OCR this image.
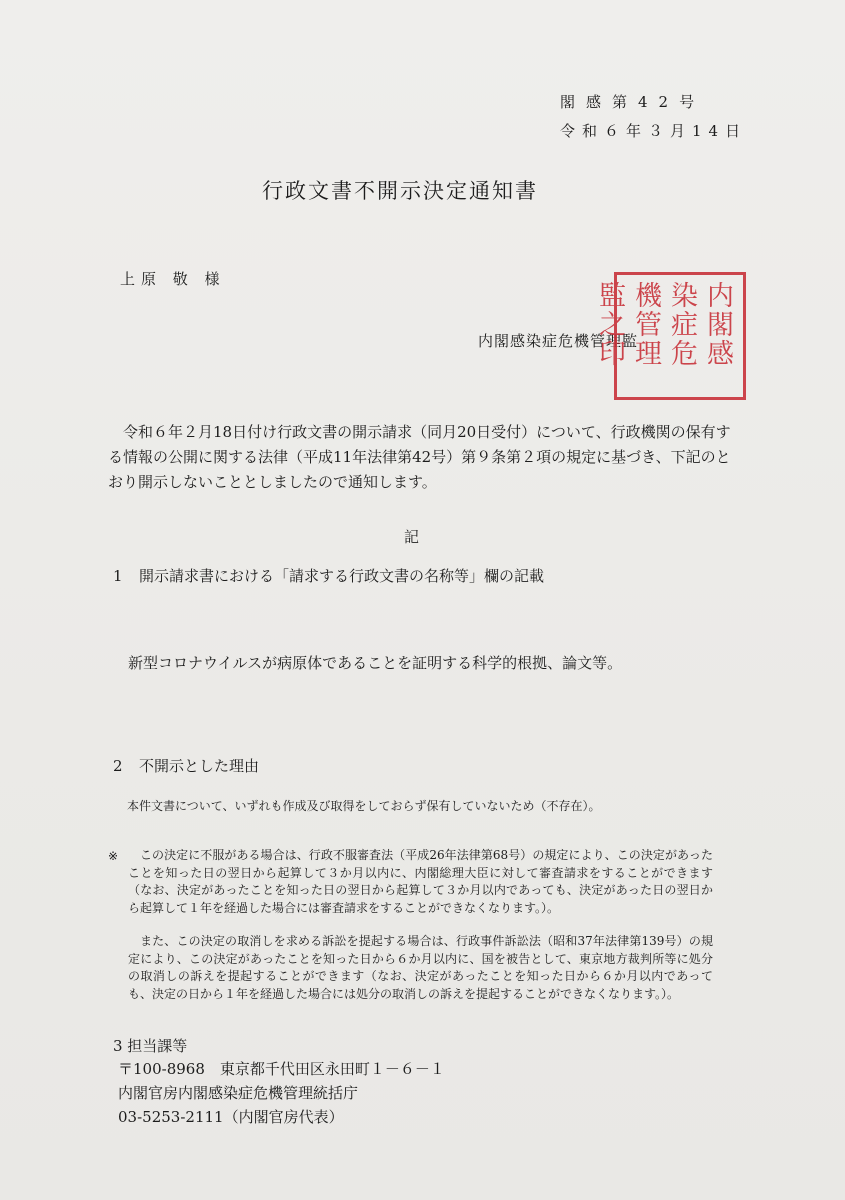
閣感第42号
令和６年３月14日
行政文書不開示決定通知書
上原 敬 様
内閣感染症危機管理監	内閣感染症危機管理監之印
令和６年２月18日付け行政文書の開示請求（同月20日受付）について、行政機関の保有する情報の公開に関する法律（平成11年法律第42号）第９条第２項の規定に基づき、下記のとおり開示しないこととしましたので通知します。
記
1 開示請求書における「請求する行政文書の名称等」欄の記載
新型コロナウイルスが病原体であることを証明する科学的根拠、論文等。
2 不開示とした理由
本件文書について、いずれも作成及び取得をしておらず保有していないため（不存在）。
※	この決定に不服がある場合は、行政不服審査法（平成26年法律第68号）の規定により、この決定があったことを知った日の翌日から起算して３か月以内に、内閣総理大臣に対して審査請求をすることができます（なお、決定があったことを知った日の翌日から起算して３か月以内であっても、決定があった日の翌日から起算して１年を経過した場合には審査請求をすることができなくなります。）。
また、この決定の取消しを求める訴訟を提起する場合は、行政事件訴訟法（昭和37年法律第139号）の規定により、この決定があったことを知った日から６か月以内に、国を被告として、東京地方裁判所等に処分の取消しの訴えを提起することができます（なお、決定があったことを知った日から６か月以内であっても、決定の日から１年を経過した場合には処分の取消しの訴えを提起することができなくなります。）。
3 担当課等
〒100-8968　東京都千代田区永田町１－６－１
内閣官房内閣感染症危機管理統括庁
03-5253-2111（内閣官房代表）
